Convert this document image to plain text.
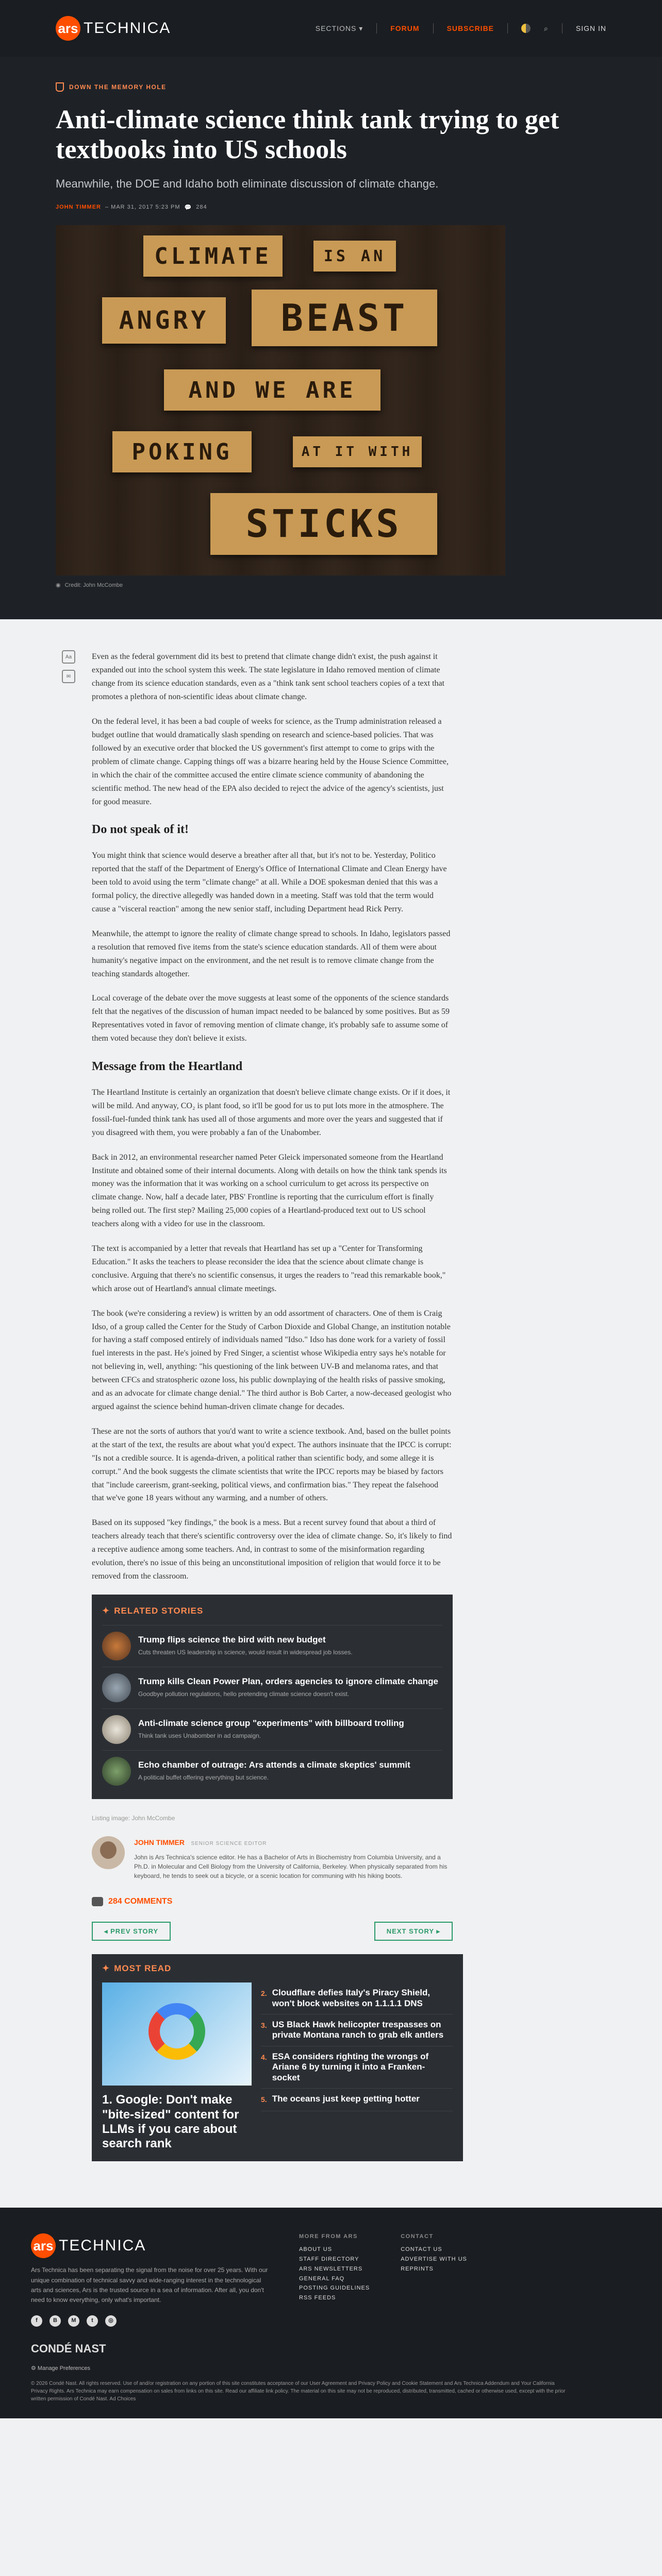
ars TECHNICA	SECTIONS ▾	FORUM	SUBSCRIBE	⌕	SIGN IN
DOWN THE MEMORY HOLE
Anti-climate science think tank trying to get textbooks into US schools
Meanwhile, the DOE and Idaho both eliminate discussion of climate change.
JOHN TIMMER – MAR 31, 2017 5:23 PM 💬 284
CLIMATE	IS AN
ANGRY	BEAST
AND WE ARE
POKING	AT IT WITH
STICKS
◉ Credit: John McCombe
Aa
✉

Even as the federal government did its best to pretend that climate change didn't exist, the push against it expanded out into the school system this week. The state legislature in Idaho removed mention of climate change from its science education standards, even as a "think tank sent school teachers copies of a text that promotes a plethora of non-scientific ideas about climate change.

On the federal level, it has been a bad couple of weeks for science, as the Trump administration released a budget outline that would dramatically slash spending on research and science-based policies. That was followed by an executive order that blocked the US government's first attempt to come to grips with the problem of climate change. Capping things off was a bizarre hearing held by the House Science Committee, in which the chair of the committee accused the entire climate science community of abandoning the scientific method. The new head of the EPA also decided to reject the advice of the agency's scientists, just for good measure.

Do not speak of it!

You might think that science would deserve a breather after all that, but it's not to be. Yesterday, Politico reported that the staff of the Department of Energy's Office of International Climate and Clean Energy have been told to avoid using the term "climate change" at all. While a DOE spokesman denied that this was a formal policy, the directive allegedly was handed down in a meeting. Staff was told that the term would cause a "visceral reaction" among the new senior staff, including Department head Rick Perry.

Meanwhile, the attempt to ignore the reality of climate change spread to schools. In Idaho, legislators passed a resolution that removed five items from the state's science education standards. All of them were about humanity's negative impact on the environment, and the net result is to remove climate change from the teaching standards altogether.

Local coverage of the debate over the move suggests at least some of the opponents of the science standards felt that the negatives of the discussion of human impact needed to be balanced by some positives. But as 59 Representatives voted in favor of removing mention of climate change, it's probably safe to assume some of them voted because they don't believe it exists.

Message from the Heartland

The Heartland Institute is certainly an organization that doesn't believe climate change exists. Or if it does, it will be mild. And anyway, CO₂ is plant food, so it'll be good for us to put lots more in the atmosphere. The fossil-fuel-funded think tank has used all of those arguments and more over the years and suggested that if you disagreed with them, you were probably a fan of the Unabomber.

Back in 2012, an environmental researcher named Peter Gleick impersonated someone from the Heartland Institute and obtained some of their internal documents. Along with details on how the think tank spends its money was the information that it was working on a school curriculum to get across its perspective on climate change. Now, half a decade later, PBS' Frontline is reporting that the curriculum effort is finally being rolled out. The first step? Mailing 25,000 copies of a Heartland-produced text out to US school teachers along with a video for use in the classroom.

The text is accompanied by a letter that reveals that Heartland has set up a "Center for Transforming Education." It asks the teachers to please reconsider the idea that the science about climate change is conclusive. Arguing that there's no scientific consensus, it urges the readers to "read this remarkable book," which arose out of Heartland's annual climate meetings.

The book (we're considering a review) is written by an odd assortment of characters. One of them is Craig Idso, of a group called the Center for the Study of Carbon Dioxide and Global Change, an institution notable for having a staff composed entirely of individuals named "Idso." Idso has done work for a variety of fossil fuel interests in the past. He's joined by Fred Singer, a scientist whose Wikipedia entry says he's notable for not believing in, well, anything: "his questioning of the link between UV-B and melanoma rates, and that between CFCs and stratospheric ozone loss, his public downplaying of the health risks of passive smoking, and as an advocate for climate change denial." The third author is Bob Carter, a now-deceased geologist who argued against the science behind human-driven climate change for decades.

These are not the sorts of authors that you'd want to write a science textbook. And, based on the bullet points at the start of the text, the results are about what you'd expect. The authors insinuate that the IPCC is corrupt: "Is not a credible source. It is agenda-driven, a political rather than scientific body, and some allege it is corrupt." And the book suggests the climate scientists that write the IPCC reports may be biased by factors that "include careerism, grant-seeking, political views, and confirmation bias." They repeat the falsehood that we've gone 18 years without any warming, and a number of others.

Based on its supposed "key findings," the book is a mess. But a recent survey found that about a third of teachers already teach that there's scientific controversy over the idea of climate change. So, it's likely to find a receptive audience among some teachers. And, in contrast to some of the misinformation regarding evolution, there's no issue of this being an unconstitutional imposition of religion that would force it to be removed from the classroom.

✦ RELATED STORIES
Trump flips science the bird with new budget
Cuts threaten US leadership in science, would result in widespread job losses.
Trump kills Clean Power Plan, orders agencies to ignore climate change
Goodbye pollution regulations, hello pretending climate science doesn't exist.
Anti-climate science group "experiments" with billboard trolling
Think tank uses Unabomber in ad campaign.
Echo chamber of outrage: Ars attends a climate skeptics' summit
A political buffet offering everything but science.
Listing image: John McCombe
JOHN TIMMER SENIOR SCIENCE EDITOR
John is Ars Technica's science editor. He has a Bachelor of Arts in Biochemistry from Columbia University, and a Ph.D. in Molecular and Cell Biology from the University of California, Berkeley. When physically separated from his keyboard, he tends to seek out a bicycle, or a scenic location for communing with his hiking boots.
284 COMMENTS
◂ PREV STORY	NEXT STORY ▸
✦ MOST READ
1. Google: Don't make "bite-sized" content for LLMs if you care about search rank
2. Cloudflare defies Italy's Piracy Shield, won't block websites on 1.1.1.1 DNS
3. US Black Hawk helicopter trespasses on private Montana ranch to grab elk antlers
4. ESA considers righting the wrongs of Ariane 6 by turning it into a Franken-socket
5. The oceans just keep getting hotter
ars TECHNICA

Ars Technica has been separating the signal from the noise for over 25 years. With our unique combination of technical savvy and wide-ranging interest in the technological arts and sciences, Ars is the trusted source in a sea of information. After all, you don't need to know everything, only what's important.

f	B	M	t	◎
MORE FROM ARS
ABOUT US
STAFF DIRECTORY
ARS NEWSLETTERS
GENERAL FAQ
POSTING GUIDELINES
RSS FEEDS
CONTACT
CONTACT US
ADVERTISE WITH US
REPRINTS
CONDÉ NAST
⚙ Manage Preferences
© 2026 Condé Nast. All rights reserved. Use of and/or registration on any portion of this site constitutes acceptance of our User Agreement and Privacy Policy and Cookie Statement and Ars Technica Addendum and Your California Privacy Rights. Ars Technica may earn compensation on sales from links on this site. Read our affiliate link policy. The material on this site may not be reproduced, distributed, transmitted, cached or otherwise used, except with the prior written permission of Condé Nast. Ad Choices
